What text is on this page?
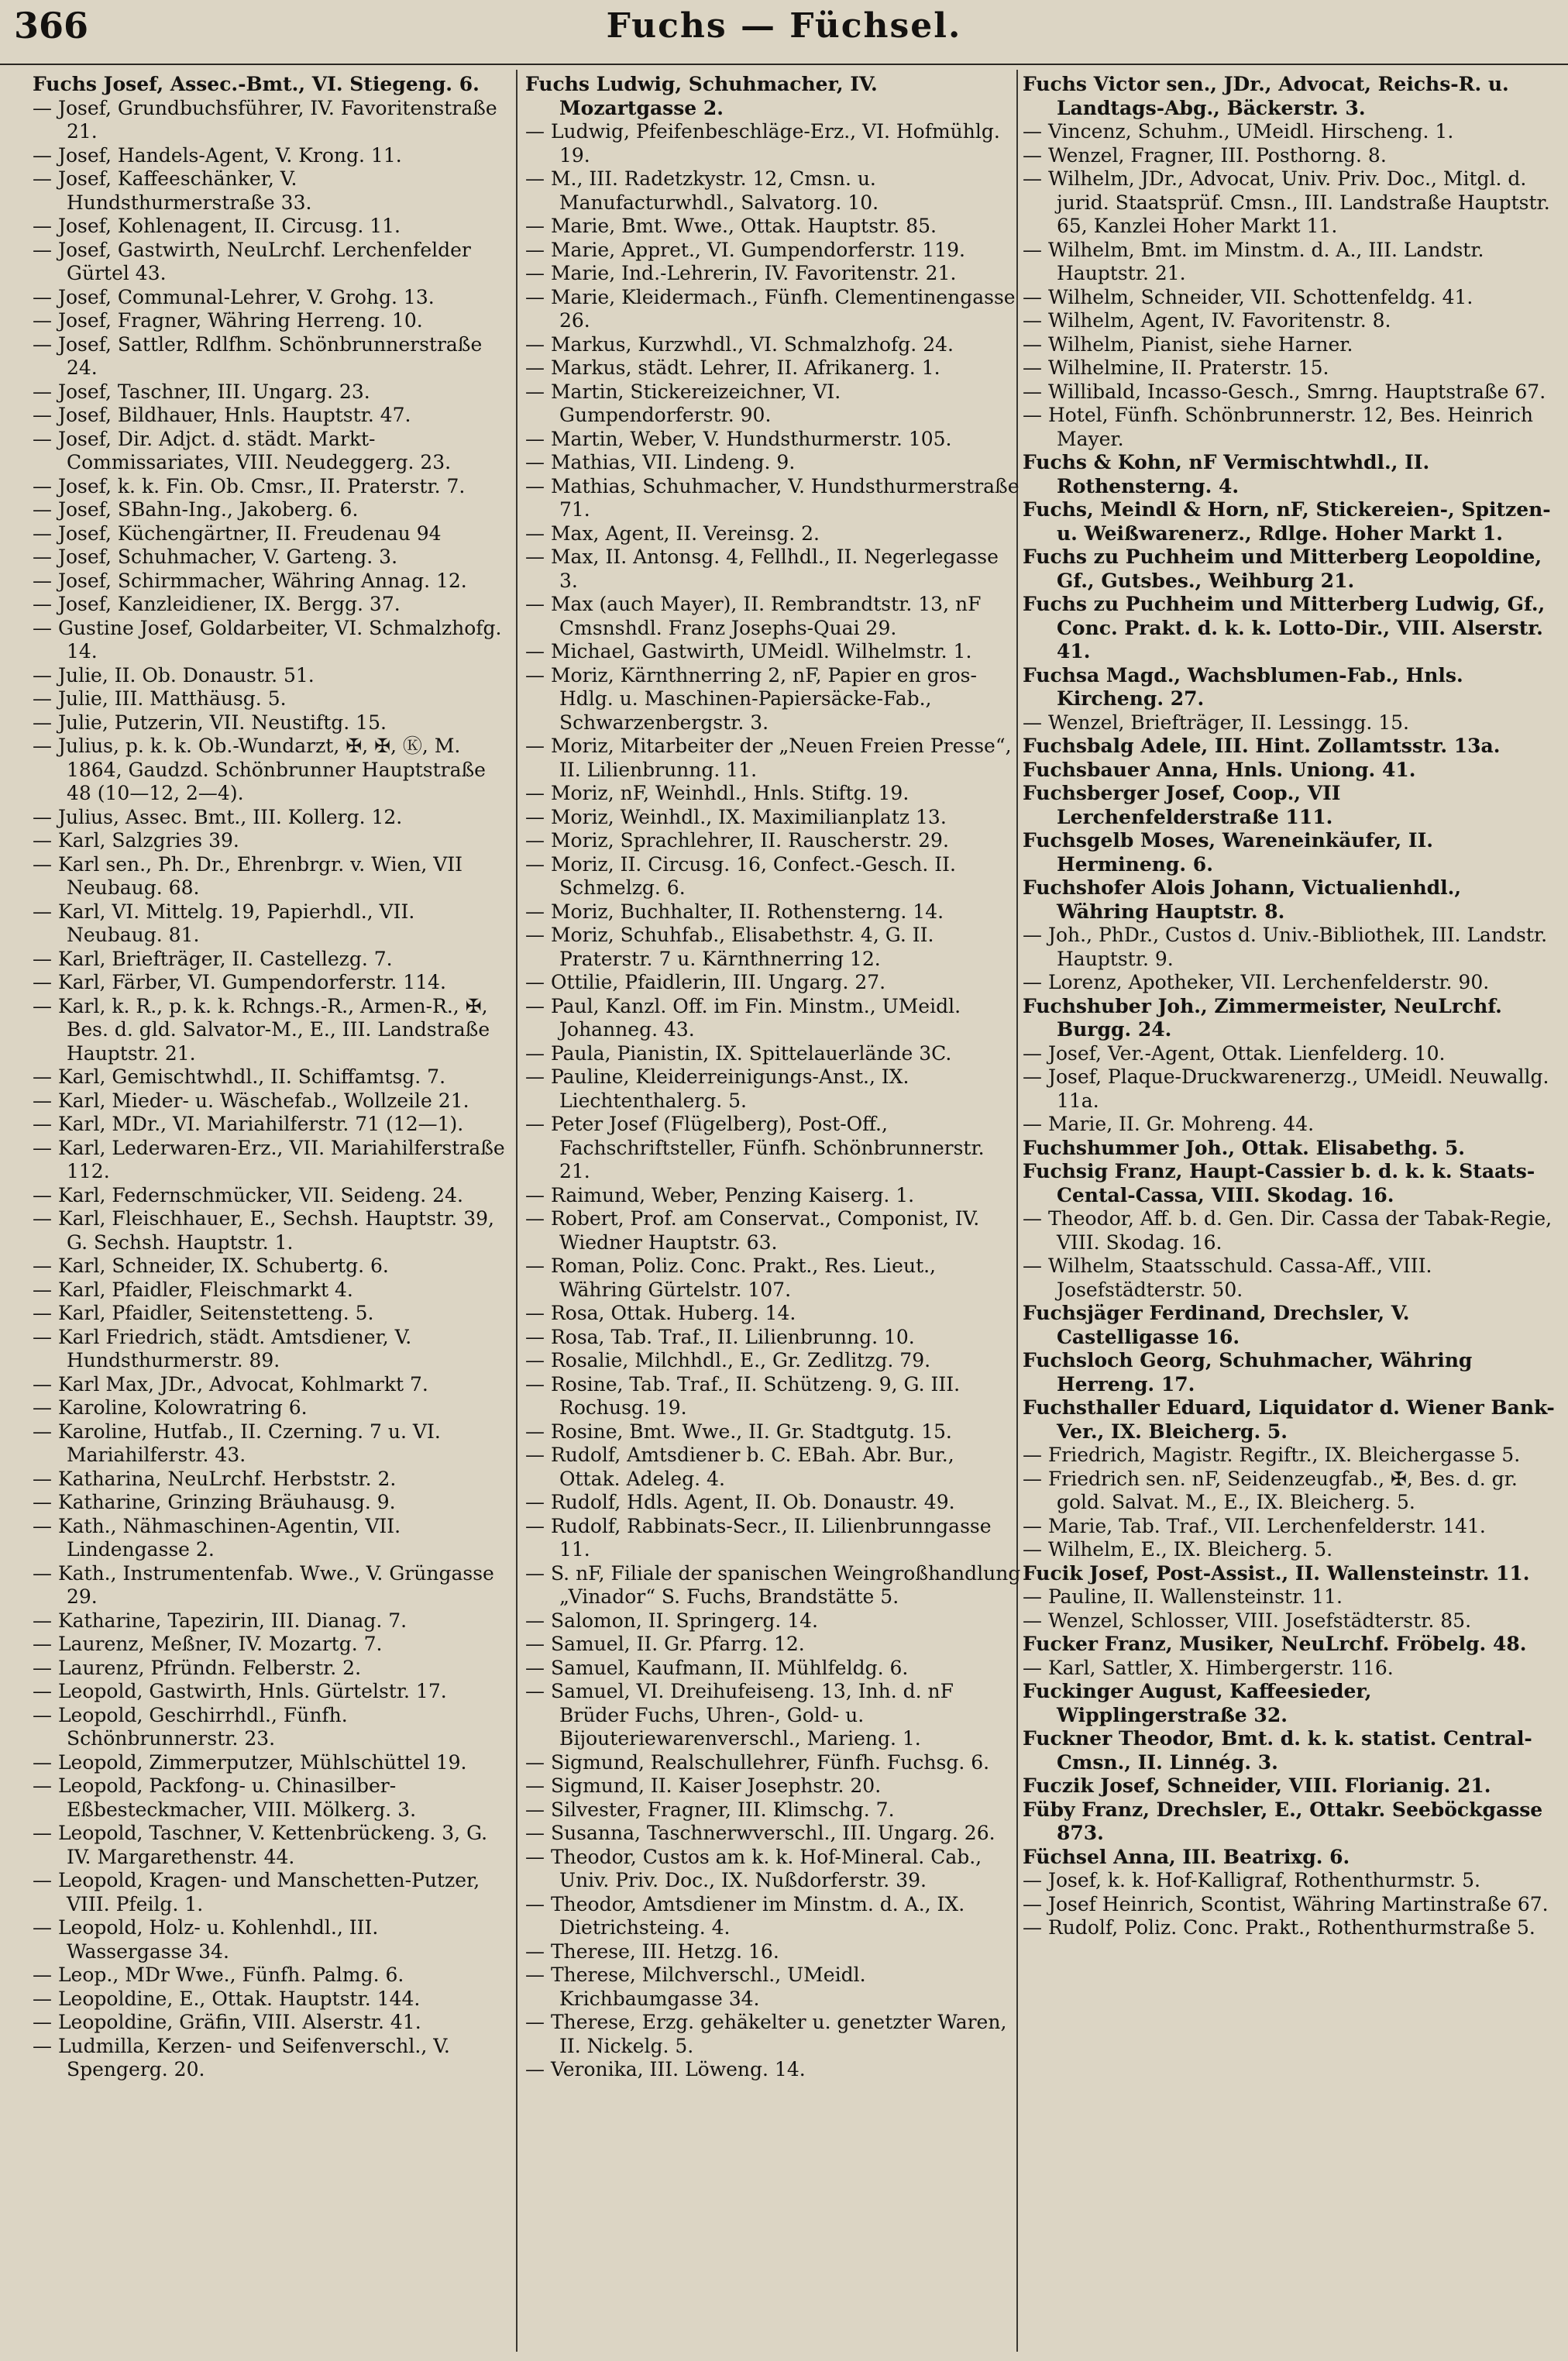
366	Fuchs — Füchsel.

Fuchs Josef, Assec.-Bmt., VI. Stiegeng. 6.

— Josef, Grundbuchsführer, IV. Favoritenstraße 21.

— Josef, Handels-Agent, V. Krong. 11.

— Josef, Kaffeeschänker, V. Hundsthurmerstraße 33.

— Josef, Kohlenagent, II. Circusg. 11.

— Josef, Gastwirth, NeuLrchf. Lerchenfelder Gürtel 43.

— Josef, Communal-Lehrer, V. Grohg. 13.

— Josef, Fragner, Währing Herreng. 10.

— Josef, Sattler, Rdlfhm. Schönbrunnerstraße 24.

— Josef, Taschner, III. Ungarg. 23.

— Josef, Bildhauer, Hnls. Hauptstr. 47.

— Josef, Dir. Adjct. d. städt. Markt-Commissariates, VIII. Neudeggerg. 23.

— Josef, k. k. Fin. Ob. Cmsr., II. Praterstr. 7.

— Josef, SBahn-Ing., Jakoberg. 6.

— Josef, Küchengärtner, II. Freudenau 94

— Josef, Schuhmacher, V. Garteng. 3.

— Josef, Schirmmacher, Währing Annag. 12.

— Josef, Kanzleidiener, IX. Bergg. 37.

— Gustine Josef, Goldarbeiter, VI. Schmalzhofg. 14.

— Julie, II. Ob. Donaustr. 51.

— Julie, III. Matthäusg. 5.

— Julie, Putzerin, VII. Neustiftg. 15.

— Julius, p. k. k. Ob.-Wundarzt, ✠, ✠, Ⓚ, M. 1864, Gaudzd. Schönbrunner Hauptstraße 48 (10—12, 2—4).

— Julius, Assec. Bmt., III. Kollerg. 12.

— Karl, Salzgries 39.

— Karl sen., Ph. Dr., Ehrenbrgr. v. Wien, VII Neubaug. 68.

— Karl, VI. Mittelg. 19, Papierhdl., VII. Neubaug. 81.

— Karl, Briefträger, II. Castellezg. 7.

— Karl, Färber, VI. Gumpendorferstr. 114.

— Karl, k. R., p. k. k. Rchngs.-R., Armen-R., ✠, Bes. d. gld. Salvator-M., E., III. Landstraße Hauptstr. 21.

— Karl, Gemischtwhdl., II. Schiffamtsg. 7.

— Karl, Mieder- u. Wäschefab., Wollzeile 21.

— Karl, MDr., VI. Mariahilferstr. 71 (12—1).

— Karl, Lederwaren-Erz., VII. Mariahilferstraße 112.

— Karl, Federnschmücker, VII. Seideng. 24.

— Karl, Fleischhauer, E., Sechsh. Hauptstr. 39, G. Sechsh. Hauptstr. 1.

— Karl, Schneider, IX. Schubertg. 6.

— Karl, Pfaidler, Fleischmarkt 4.

— Karl, Pfaidler, Seitenstetteng. 5.

— Karl Friedrich, städt. Amtsdiener, V. Hundsthurmerstr. 89.

— Karl Max, JDr., Advocat, Kohlmarkt 7.

— Karoline, Kolowratring 6.

— Karoline, Hutfab., II. Czerning. 7 u. VI. Mariahilferstr. 43.

— Katharina, NeuLrchf. Herbststr. 2.

— Katharine, Grinzing Bräuhausg. 9.

— Kath., Nähmaschinen-Agentin, VII. Lindengasse 2.

— Kath., Instrumentenfab. Wwe., V. Grüngasse 29.

— Katharine, Tapezirin, III. Dianag. 7.

— Laurenz, Meßner, IV. Mozartg. 7.

— Laurenz, Pfründn. Felberstr. 2.

— Leopold, Gastwirth, Hnls. Gürtelstr. 17.

— Leopold, Geschirrhdl., Fünfh. Schönbrunnerstr. 23.

— Leopold, Zimmerputzer, Mühlschüttel 19.

— Leopold, Packfong- u. Chinasilber-Eßbesteckmacher, VIII. Mölkerg. 3.

— Leopold, Taschner, V. Kettenbrückeng. 3, G. IV. Margarethenstr. 44.

— Leopold, Kragen- und Manschetten-Putzer, VIII. Pfeilg. 1.

— Leopold, Holz- u. Kohlenhdl., III. Wassergasse 34.

— Leop., MDr Wwe., Fünfh. Palmg. 6.

— Leopoldine, E., Ottak. Hauptstr. 144.

— Leopoldine, Gräfin, VIII. Alserstr. 41.

— Ludmilla, Kerzen- und Seifenverschl., V. Spengerg. 20.

Fuchs Ludwig, Schuhmacher, IV. Mozartgasse 2.

— Ludwig, Pfeifenbeschläge-Erz., VI. Hofmühlg. 19.

— M., III. Radetzkystr. 12, Cmsn. u. Manufacturwhdl., Salvatorg. 10.

— Marie, Bmt. Wwe., Ottak. Hauptstr. 85.

— Marie, Appret., VI. Gumpendorferstr. 119.

— Marie, Ind.-Lehrerin, IV. Favoritenstr. 21.

— Marie, Kleidermach., Fünfh. Clementinengasse 26.

— Markus, Kurzwhdl., VI. Schmalzhofg. 24.

— Markus, städt. Lehrer, II. Afrikanerg. 1.

— Martin, Stickereizeichner, VI. Gumpendorferstr. 90.

— Martin, Weber, V. Hundsthurmerstr. 105.

— Mathias, VII. Lindeng. 9.

— Mathias, Schuhmacher, V. Hundsthurmerstraße 71.

— Max, Agent, II. Vereinsg. 2.

— Max, II. Antonsg. 4, Fellhdl., II. Negerlegasse 3.

— Max (auch Mayer), II. Rembrandtstr. 13, nF Cmsnshdl. Franz Josephs-Quai 29.

— Michael, Gastwirth, UMeidl. Wilhelmstr. 1.

— Moriz, Kärnthnerring 2, nF, Papier en gros-Hdlg. u. Maschinen-Papiersäcke-Fab., Schwarzenbergstr. 3.

— Moriz, Mitarbeiter der „Neuen Freien Presse“, II. Lilienbrunng. 11.

— Moriz, nF, Weinhdl., Hnls. Stiftg. 19.

— Moriz, Weinhdl., IX. Maximilianplatz 13.

— Moriz, Sprachlehrer, II. Rauscherstr. 29.

— Moriz, II. Circusg. 16, Confect.-Gesch. II. Schmelzg. 6.

— Moriz, Buchhalter, II. Rothensterng. 14.

— Moriz, Schuhfab., Elisabethstr. 4, G. II. Praterstr. 7 u. Kärnthnerring 12.

— Ottilie, Pfaidlerin, III. Ungarg. 27.

— Paul, Kanzl. Off. im Fin. Minstm., UMeidl. Johanneg. 43.

— Paula, Pianistin, IX. Spittelauerlände 3C.

— Pauline, Kleiderreinigungs-Anst., IX. Liechtenthalerg. 5.

— Peter Josef (Flügelberg), Post-Off., Fachschriftsteller, Fünfh. Schönbrunnerstr. 21.

— Raimund, Weber, Penzing Kaiserg. 1.

— Robert, Prof. am Conservat., Componist, IV. Wiedner Hauptstr. 63.

— Roman, Poliz. Conc. Prakt., Res. Lieut., Währing Gürtelstr. 107.

— Rosa, Ottak. Huberg. 14.

— Rosa, Tab. Traf., II. Lilienbrunng. 10.

— Rosalie, Milchhdl., E., Gr. Zedlitzg. 79.

— Rosine, Tab. Traf., II. Schützeng. 9, G. III. Rochusg. 19.

— Rosine, Bmt. Wwe., II. Gr. Stadtgutg. 15.

— Rudolf, Amtsdiener b. C. EBah. Abr. Bur., Ottak. Adeleg. 4.

— Rudolf, Hdls. Agent, II. Ob. Donaustr. 49.

— Rudolf, Rabbinats-Secr., II. Lilienbrunngasse 11.

— S. nF, Filiale der spanischen Weingroßhandlung „Vinador“ S. Fuchs, Brandstätte 5.

— Salomon, II. Springerg. 14.

— Samuel, II. Gr. Pfarrg. 12.

— Samuel, Kaufmann, II. Mühlfeldg. 6.

— Samuel, VI. Dreihufeiseng. 13, Inh. d. nF Brüder Fuchs, Uhren-, Gold- u. Bijouteriewarenverschl., Marieng. 1.

— Sigmund, Realschullehrer, Fünfh. Fuchsg. 6.

— Sigmund, II. Kaiser Josephstr. 20.

— Silvester, Fragner, III. Klimschg. 7.

— Susanna, Taschnerwverschl., III. Ungarg. 26.

— Theodor, Custos am k. k. Hof-Mineral. Cab., Univ. Priv. Doc., IX. Nußdorferstr. 39.

— Theodor, Amtsdiener im Minstm. d. A., IX. Dietrichsteing. 4.

— Therese, III. Hetzg. 16.

— Therese, Milchverschl., UMeidl. Krichbaumgasse 34.

— Therese, Erzg. gehäkelter u. genetzter Waren, II. Nickelg. 5.

— Veronika, III. Löweng. 14.

Fuchs Victor sen., JDr., Advocat, Reichs-R. u. Landtags-Abg., Bäckerstr. 3.

— Vincenz, Schuhm., UMeidl. Hirscheng. 1.

— Wenzel, Fragner, III. Posthorng. 8.

— Wilhelm, JDr., Advocat, Univ. Priv. Doc., Mitgl. d. jurid. Staatsprüf. Cmsn., III. Landstraße Hauptstr. 65, Kanzlei Hoher Markt 11.

— Wilhelm, Bmt. im Minstm. d. A., III. Landstr. Hauptstr. 21.

— Wilhelm, Schneider, VII. Schottenfeldg. 41.

— Wilhelm, Agent, IV. Favoritenstr. 8.

— Wilhelm, Pianist, siehe Harner.

— Wilhelmine, II. Praterstr. 15.

— Willibald, Incasso-Gesch., Smrng. Hauptstraße 67.

— Hotel, Fünfh. Schönbrunnerstr. 12, Bes. Heinrich Mayer.

Fuchs & Kohn, nF Vermischtwhdl., II. Rothensterng. 4.

Fuchs, Meindl & Horn, nF, Stickereien-, Spitzen- u. Weißwarenerz., Rdlge. Hoher Markt 1.

Fuchs zu Puchheim und Mitterberg Leopoldine, Gf., Gutsbes., Weihburg 21.

Fuchs zu Puchheim und Mitterberg Ludwig, Gf., Conc. Prakt. d. k. k. Lotto-Dir., VIII. Alserstr. 41.

Fuchsa Magd., Wachsblumen-Fab., Hnls. Kircheng. 27.

— Wenzel, Briefträger, II. Lessingg. 15.

Fuchsbalg Adele, III. Hint. Zollamtsstr. 13a.

Fuchsbauer Anna, Hnls. Uniong. 41.

Fuchsberger Josef, Coop., VII Lerchenfelderstraße 111.

Fuchsgelb Moses, Wareneinkäufer, II. Hermineng. 6.

Fuchshofer Alois Johann, Victualienhdl., Währing Hauptstr. 8.

— Joh., PhDr., Custos d. Univ.-Bibliothek, III. Landstr. Hauptstr. 9.

— Lorenz, Apotheker, VII. Lerchenfelderstr. 90.

Fuchshuber Joh., Zimmermeister, NeuLrchf. Burgg. 24.

— Josef, Ver.-Agent, Ottak. Lienfelderg. 10.

— Josef, Plaque-Druckwarenerzg., UMeidl. Neuwallg. 11a.

— Marie, II. Gr. Mohreng. 44.

Fuchshummer Joh., Ottak. Elisabethg. 5.

Fuchsig Franz, Haupt-Cassier b. d. k. k. Staats-Cental-Cassa, VIII. Skodag. 16.

— Theodor, Aff. b. d. Gen. Dir. Cassa der Tabak-Regie, VIII. Skodag. 16.

— Wilhelm, Staatsschuld. Cassa-Aff., VIII. Josefstädterstr. 50.

Fuchsjäger Ferdinand, Drechsler, V. Castelligasse 16.

Fuchsloch Georg, Schuhmacher, Währing Herreng. 17.

Fuchsthaller Eduard, Liquidator d. Wiener Bank-Ver., IX. Bleicherg. 5.

— Friedrich, Magistr. Regiftr., IX. Bleichergasse 5.

— Friedrich sen. nF, Seidenzeugfab., ✠, Bes. d. gr. gold. Salvat. M., E., IX. Bleicherg. 5.

— Marie, Tab. Traf., VII. Lerchenfelderstr. 141.

— Wilhelm, E., IX. Bleicherg. 5.

Fucik Josef, Post-Assist., II. Wallensteinstr. 11.

— Pauline, II. Wallensteinstr. 11.

— Wenzel, Schlosser, VIII. Josefstädterstr. 85.

Fucker Franz, Musiker, NeuLrchf. Fröbelg. 48.

— Karl, Sattler, X. Himbergerstr. 116.

Fuckinger August, Kaffeesieder, Wipplingerstraße 32.

Fuckner Theodor, Bmt. d. k. k. statist. Central-Cmsn., II. Linnég. 3.

Fuczik Josef, Schneider, VIII. Florianig. 21.

Füby Franz, Drechsler, E., Ottakr. Seeböckgasse 873.

Füchsel Anna, III. Beatrixg. 6.

— Josef, k. k. Hof-Kalligraf, Rothenthurmstr. 5.

— Josef Heinrich, Scontist, Währing Martinstraße 67.

— Rudolf, Poliz. Conc. Prakt., Rothenthurmstraße 5.
